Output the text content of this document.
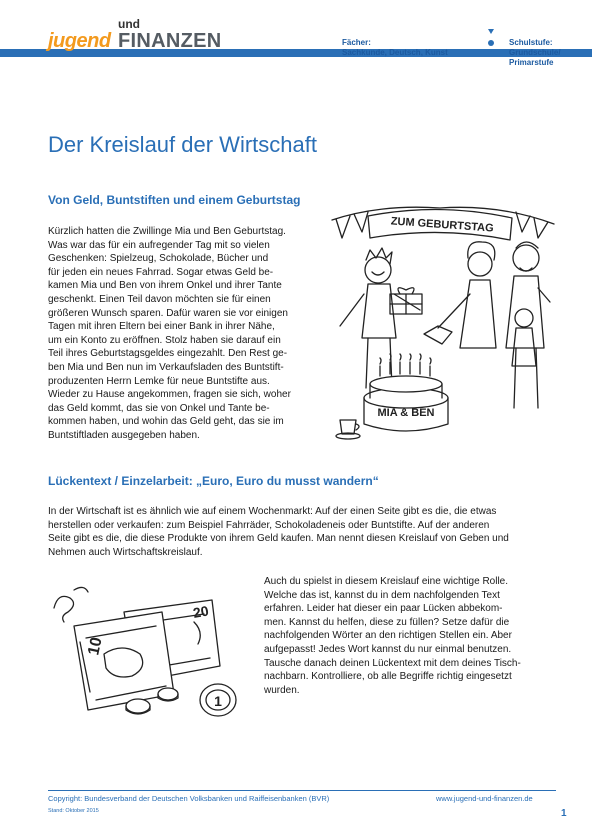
jugend
und
FINANZEN	Fächer:
Sachkunde, Deutsch, Kunst
Schulstufe:
Grundschule/
Primarstufe
Der Kreislauf der Wirtschaft
Von Geld, Buntstiften und einem Geburtstag
Kürzlich hatten die Zwillinge Mia und Ben Geburtstag.
Was war das für ein aufregender Tag mit so vielen
Geschenken: Spielzeug, Schokolade, Bücher und
für jeden ein neues Fahrrad. Sogar etwas Geld be-
kamen Mia und Ben von ihrem Onkel und ihrer Tante
geschenkt. Einen Teil davon möchten sie für einen
größeren Wunsch sparen. Dafür waren sie vor einigen
Tagen mit ihren Eltern bei einer Bank in ihrer Nähe,
um ein Konto zu eröffnen. Stolz haben sie darauf ein
Teil ihres Geburtstagsgeldes eingezahlt. Den Rest ge-
ben Mia und Ben nun im Verkaufsladen des Buntstift-
produzenten Herrn Lemke für neue Buntstifte aus.
Wieder zu Hause angekommen, fragen sie sich, woher
das Geld kommt, das sie von Onkel und Tante be-
kommen haben, und wohin das Geld geht, das sie im
Buntstiftladen ausgegeben haben.
ZUM GEBURTSTAG
MIA & BEN
Lückentext / Einzelarbeit: „Euro, Euro du musst wandern“
In der Wirtschaft ist es ähnlich wie auf einem Wochenmarkt: Auf der einen Seite gibt es die, die etwas
herstellen oder verkaufen: zum Beispiel Fahrräder, Schokoladeneis oder Buntstifte. Auf der anderen
Seite gibt es die, die diese Produkte von ihrem Geld kaufen. Man nennt diesen Kreislauf von Geben und
Nehmen auch Wirtschaftskreislauf.
10
20
1
Auch du spielst in diesem Kreislauf eine wichtige Rolle.
Welche das ist, kannst du in dem nachfolgenden Text
erfahren. Leider hat dieser ein paar Lücken abbekom-
men. Kannst du helfen, diese zu füllen? Setze dafür die
nachfolgenden Wörter an den richtigen Stellen ein. Aber
aufgepasst! Jedes Wort kannst du nur einmal benutzen.
Tausche danach deinen Lückentext mit dem deines Tisch-
nachbarn. Kontrolliere, ob alle Begriffe richtig eingesetzt
wurden.
Copyright: Bundesverband der Deutschen Volksbanken und Raiffeisenbanken (BVR)	www.jugend-und-finanzen.de
Stand: Oktober 2015	1
